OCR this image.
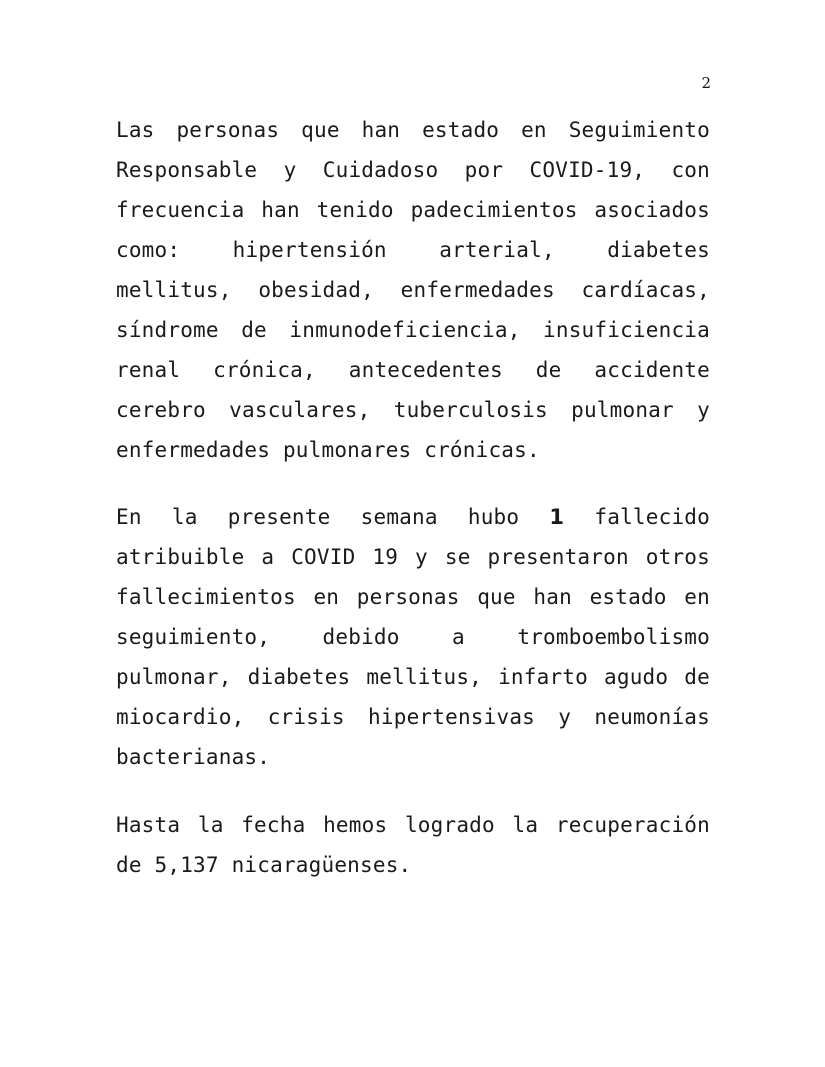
2

Las personas que han estado en Seguimiento Responsable y Cuidadoso por COVID-19, con frecuencia han tenido padecimientos asociados como: hipertensión arterial, diabetes mellitus, obesidad, enfermedades cardíacas, síndrome de inmunodeficiencia, insuficiencia renal crónica, antecedentes de accidente cerebro vasculares, tuberculosis pulmonar y enfermedades pulmonares crónicas.

En la presente semana hubo 1 fallecido atribuible a COVID 19 y se presentaron otros fallecimientos en personas que han estado en seguimiento, debido a tromboembolismo pulmonar, diabetes mellitus, infarto agudo de miocardio, crisis hipertensivas y neumonías bacterianas.

Hasta la fecha hemos logrado la recuperación de 5,137 nicaragüenses.
